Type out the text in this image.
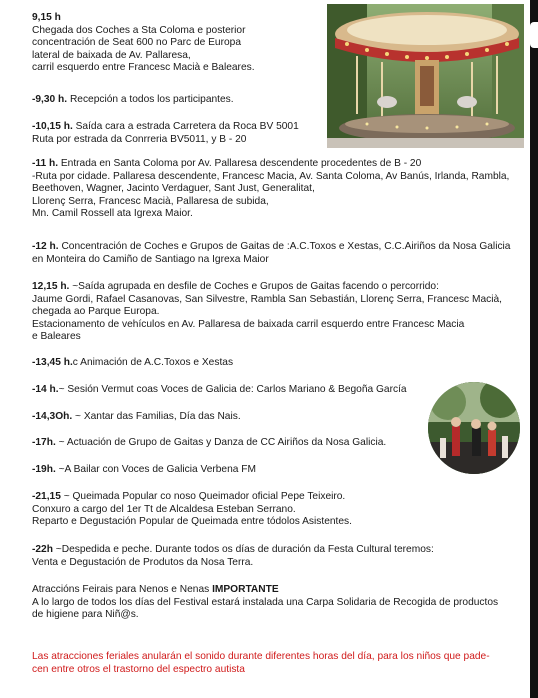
9,15 h

Chegada dos Coches a Sta Coloma e posterior

concentración de Seat 600 no Parc de Europa

lateral de baixada de Av. Pallaresa,

carril esquerdo entre Francesc Macià e Baleares.

-9,30 h. Recepción a todos los participantes.

-10,15 h. Saída cara a estrada Carretera da Roca BV 5001

Ruta por estrada da Conrreria BV5011, y B - 20

-11 h. Entrada en Santa Coloma por Av. Pallaresa descendente procedentes de B - 20

-Ruta por cidade. Pallaresa descendente, Francesc Macia, Av. Santa Coloma, Av Banús, Irlanda, Rambla,

Beethoven, Wagner, Jacinto Verdaguer, Sant Just, Generalitat,

Llorenç Serra, Francesc Macià, Pallaresa de subida,

Mn. Camil Rossell ata Igrexa Maior.

-12 h. Concentración de Coches e Grupos de Gaitas de :A.C.Toxos e Xestas, C.C.Airiños da Nosa Galicia

en Monteira do Camiño de Santiago na Igrexa Maior

12,15 h. ~Saída agrupada en desfile de Coches e Grupos de Gaitas facendo o percorrido:

Jaume Gordi, Rafael Casanovas, San Silvestre, Rambla San Sebastián, Llorenç Serra, Francesc Macià,

chegada ao Parque Europa.

Estacionamento de vehículos en Av. Pallaresa de baixada carril esquerdo entre Francesc Macia

e Baleares

-13,45 h.c Animación de A.C.Toxos e Xestas

-14 h.~ Sesión Vermut coas Voces de Galicia de: Carlos Mariano & Begoña García

-14,3Oh. ~ Xantar das Familias, Día das Nais.

-17h. ~ Actuación de Grupo de Gaitas y Danza de CC Airiños da Nosa Galicia.

-19h. ~A Bailar con Voces de Galicia Verbena FM

-21,15 ~ Queimada Popular co noso Queimador oficial Pepe Teixeiro.

Conxuro a cargo del 1er Tt de Alcaldesa Esteban Serrano.

Reparto e Degustación Popular de Queimada entre tódolos Asistentes.

-22h ~Despedida e peche. Durante todos os días de duración da Festa Cultural teremos:

Venta e Degustación de Produtos da Nosa Terra.

Atraccións Feirais para Nenos e Nenas IMPORTANTE

A lo largo de todos los días del Festival estará instalada una Carpa Solidaria de Recogida de productos

de higiene para Niñ@s.

Las atracciones feriales anularán el sonido durante diferentes horas del día, para los niños que pade-

cen entre otros el trastorno del espectro autista
